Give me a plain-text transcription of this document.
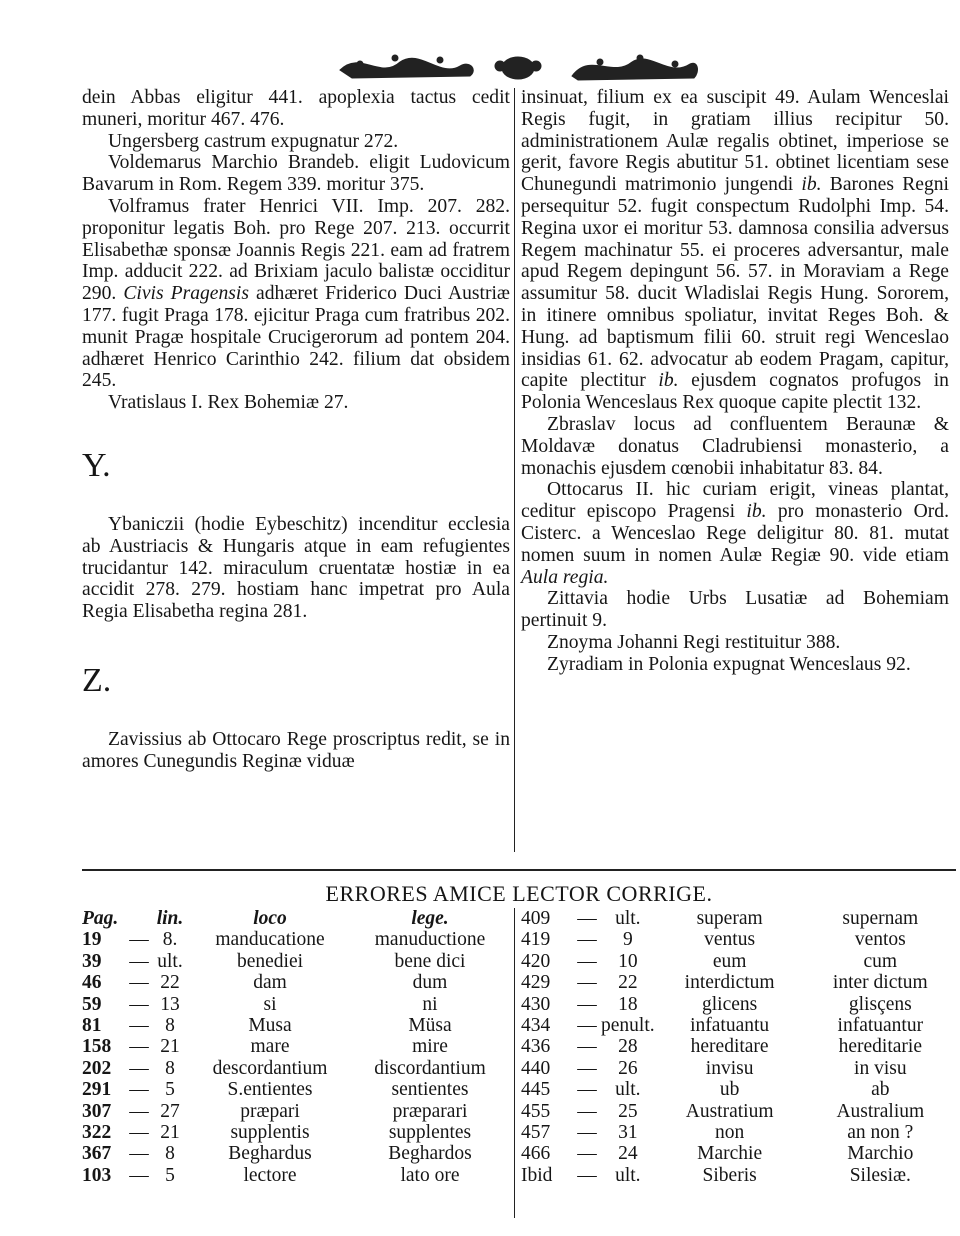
dein Abbas eligitur 441. apoplexia tactus cedit muneri, moritur 467. 476.

Ungersberg castrum expugnatur 272.

Voldemarus Marchio Brandeb. eligit Ludovicum Bavarum in Rom. Regem 339. moritur 375.

Volframus frater Henrici VII. Imp. 207. 282. proponitur legatis Boh. pro Rege 207. 213. occurrit Elisabethæ sponsæ Joannis Regis 221. eam ad fratrem Imp. adducit 222. ad Brixiam jaculo balistæ occiditur 290. Civis Pragensis adhæret Friderico Duci Austriæ 177. fugit Praga 178. ejicitur Praga cum fratribus 202. munit Pragæ hospitale Crucigerorum ad pontem 204. adhæret Henrico Carinthio 242. filium dat obsidem 245.

Vratislaus I. Rex Bohemiæ 27.

Y.

Ybaniczii (hodie Eybeschitz) incenditur ecclesia ab Austriacis & Hungaris atque in eam refugientes trucidantur 142. miraculum cruentatæ hostiæ in ea accidit 278. 279. hostiam hanc impetrat pro Aula Regia Elisabetha regina 281.

Z.

Zavissius ab Ottocaro Rege proscriptus redit, se in amores Cunegundis Reginæ viduæ

insinuat, filium ex ea suscipit 49. Aulam Wenceslai Regis fugit, in gratiam illius recipitur 50. administrationem Aulæ regalis obtinet, imperiose se gerit, favore Regis abutitur 51. obtinet licentiam sese Chunegundi matrimonio jungendi ib. Barones Regni persequitur 52. fugit conspectum Rudolphi Imp. 54. Regina uxor ei moritur 53. damnosa consilia adversus Regem machinatur 55. ei proceres adversantur, male apud Regem depingunt 56. 57. in Moraviam a Rege assumitur 58. ducit Wladislai Regis Hung. Sororem, in itinere omnibus spoliatur, invitat Reges Boh. & Hung. ad baptismum filii 60. struit regi Wenceslao insidias 61. 62. advocatur ab eodem Pragam, capitur, capite plectitur ib. ejusdem cognatos profugos in Polonia Wenceslaus Rex quoque capite plectit 132.

Zbraslav locus ad confluentem Berаunæ & Moldavæ donatus Cladrubiensi monasterio, a monachis ejusdem cœnobii inhabitatur 83. 84.

Ottocarus II. hic curiam erigit, vineas plantat, ceditur episcopo Pragensi ib. pro monasterio Ord. Cisterc. a Wenceslao Rege deligitur 80. 81. mutat nomen suum in nomen Aulæ Regiæ 90. vide etiam Aula regia.

Zittavia hodie Urbs Lusatiæ ad Bohemiam pertinuit 9.

Znoyma Johanni Regi restituitur 388.

Zyradiam in Polonia expugnat Wenceslaus 92.

ERRORES AMICE LECTOR CORRIGE.
Pag.		lin.	loco	lege.
19	—	8.	manducatione	manuductione
39	—	ult.	benediei	bene dici
46	—	22	dam	dum
59	—	13	si	ni
81	—	8	Musa	Müsa
158	—	21	mare	mire
202	—	8	descordantium	discordantium
291	—	5	S.entientes	sentientes
307	—	27	præpari	præparari
322	—	21	supplentis	supplentes
367	—	8	Beghardus	Beghardos
103	—	5	lectore	lato ore
409	—	ult.	superam	supernam
419	—	9	ventus	ventos
420	—	10	eum	cum
429	—	22	interdictum	inter dictum
430	—	18	glicens	glisçens
434	—	penult.	infatuantu	infatuantur
436	—	28	hereditare	hereditarie
440	—	26	invisu	in visu
445	—	ult.	ub	ab
455	—	25	Austratium	Australium
457	—	31	non	an non ?
466	—	24	Marchie	Marchio
Ibid	—	ult.	Siberis	Silesiæ.
